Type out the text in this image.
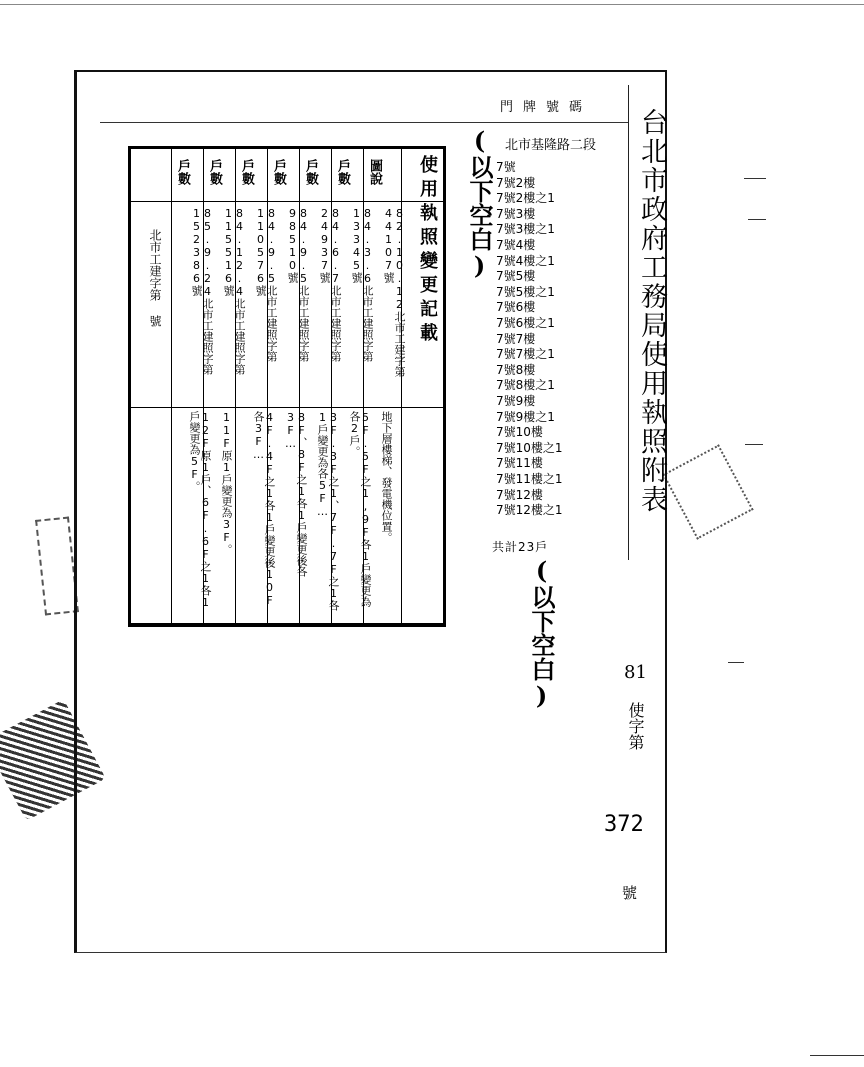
台北市政府工務局使用執照附表
門牌號碼
北市基隆路二段
7號
7號2樓
7號2樓之1
7號3樓
7號3樓之1
7號4樓
7號4樓之1
7號5樓
7號5樓之1
7號6樓
7號6樓之1
7號7樓
7號7樓之1
7號8樓
7號8樓之1
7號9樓
7號9樓之1
7號10樓
7號10樓之1
7號11樓
7號11樓之1
7號12樓
7號12樓之1
共計23戶
(以下空白)
(以下空白)	81
使字第
372
號
使用執照變更記載
北市工建字第 號
圖說
82.10.12北市工建字第44107號
地下層樓梯、發電機位置。
戶數
84.3.6北市工建照字第13345號
5F.5F之1,9F各1戶變更為各2戶。
戶數
84.6.7北市工建照字第24937號
3F.3F之1、7F.7F之1各1戶變更為各5F…
戶數
84.9.5北市工建照字第98510號
8F、8F之1各1戶變更後各3F…
戶數
84.9.5北市工建照字第110576號
4F.4F之1各1戶變更後10F各3F…
戶數
84.12.4北市工建照字第115516號
11F原1戶變更為3F。
戶數
85.9.24北市工建照字第152386號
12F原1戶、6F.6F之1各1戶變更為5F。
